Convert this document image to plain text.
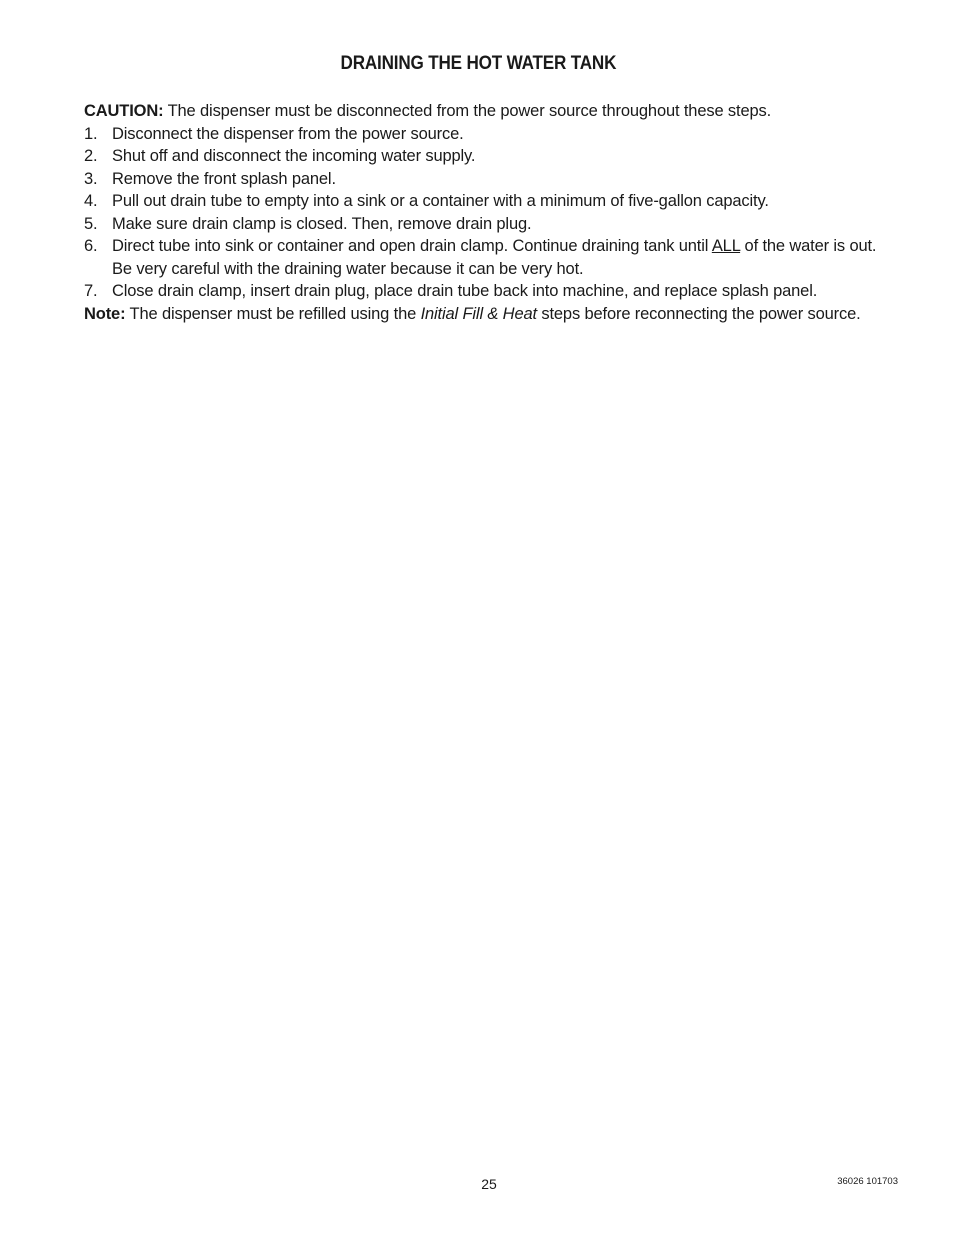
DRAINING THE HOT WATER TANK

CAUTION: The dispenser must be disconnected from the power source throughout these steps.

1. Disconnect the dispenser from the power source.
2. Shut off and disconnect the incoming water supply.
3. Remove the front splash panel.
4. Pull out drain tube to empty into a sink or a container with a minimum of five-gallon capacity.
5. Make sure drain clamp is closed. Then, remove drain plug.
6. Direct tube into sink or container and open drain clamp. Continue draining tank until ALL of the water is out.
Be very careful with the draining water because it can be very hot.
7. Close drain clamp, insert drain plug, place drain tube back into machine, and replace splash panel.

Note: The dispenser must be refilled using the Initial Fill & Heat steps before reconnecting the power source.

25	36026 101703
